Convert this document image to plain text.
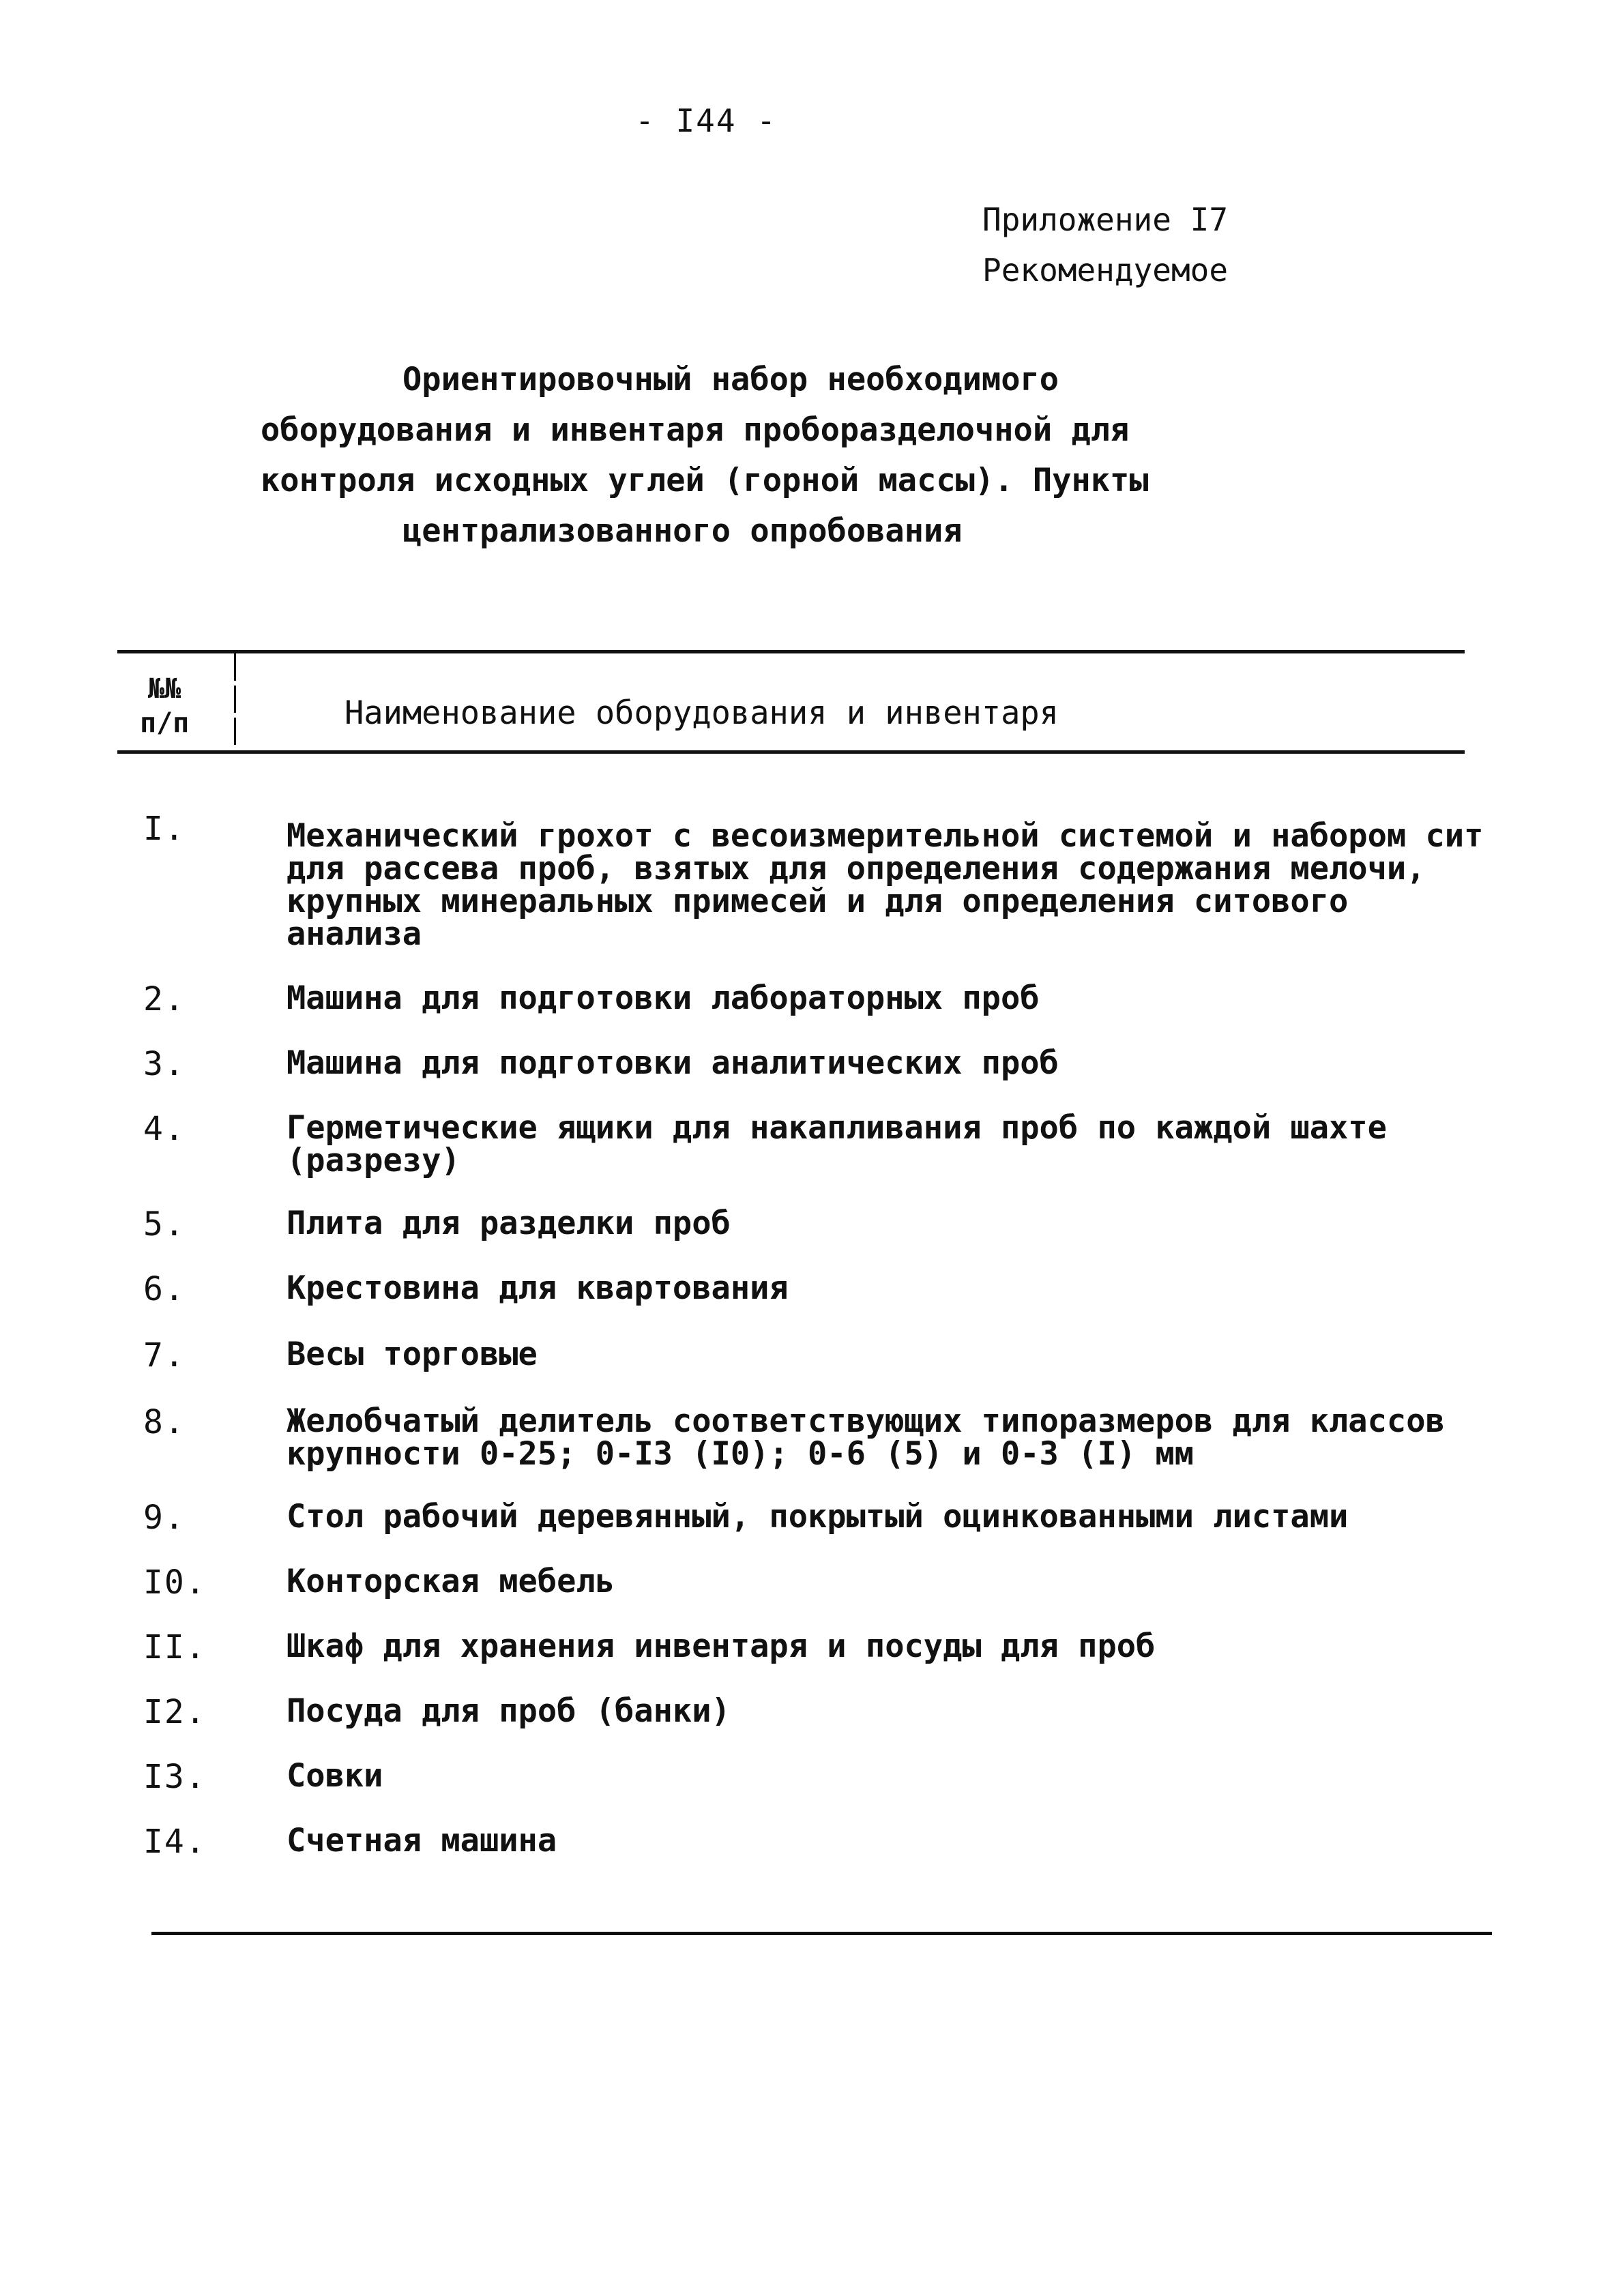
- I44 -
Приложение I7
Рекомендуемое
Ориентировочный набор необходимого
оборудования и инвентаря пробоpазделочной для
контроля исходных углей (горной массы). Пункты
централизованного опробования
№№
п/п	Наименование оборудования и инвентаря
I.	Механический грохот с весоизмерительной системой и набором сит для рассева проб, взятых для определения содержания мелочи, крупных минеральных примесей и для определения ситового анализа
2.	Машина для подготовки лабораторных проб
3.	Машина для подготовки аналитических проб
4.	Герметические ящики для накапливания проб по каждой шахте (разрезу)
5.	Плита для разделки проб
6.	Крестовина для квартования
7.	Весы торговые
8.	Желобчатый делитель соответствующих типоразмеров для классов крупности 0-25; 0-I3 (I0); 0-6 (5) и 0-3 (I) мм
9.	Стол рабочий деревянный, покрытый оцинкованными листами
I0.	Конторская мебель
II.	Шкаф для хранения инвентаря и посуды для проб
I2.	Посуда для проб (банки)
I3.	Совки
I4.	Счетная машина
